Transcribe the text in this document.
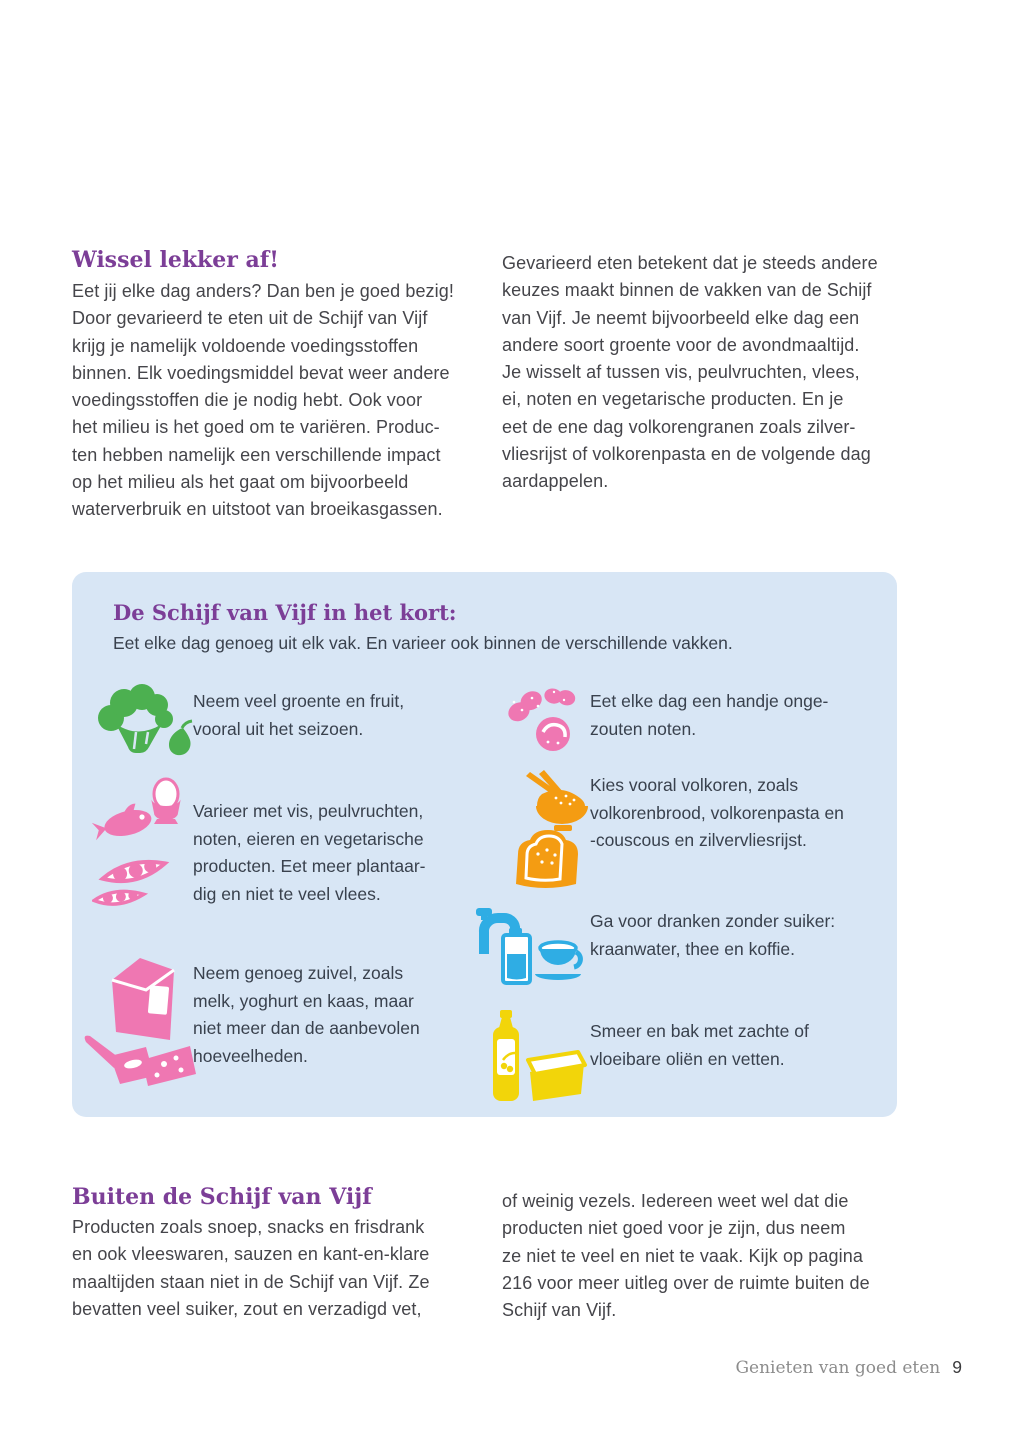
Wissel lekker af!
Eet jij elke dag anders? Dan ben je goed bezig!
Door gevarieerd te eten uit de Schijf van Vijf
krijg je namelijk voldoende voedingsstoffen
binnen. Elk voedingsmiddel bevat weer andere
voedingsstoffen die je nodig hebt. Ook voor
het milieu is het goed om te variëren. Produc-
ten hebben namelijk een verschillende impact
op het milieu als het gaat om bijvoorbeeld
waterverbruik en uitstoot van broeikasgassen.
Gevarieerd eten betekent dat je steeds andere
keuzes maakt binnen de vakken van de Schijf
van Vijf. Je neemt bijvoorbeeld elke dag een
andere soort groente voor de avondmaaltijd.
Je wisselt af tussen vis, peulvruchten, vlees,
ei, noten en vegetarische producten. En je
eet de ene dag volkorengranen zoals zilver-
vliesrijst of volkorenpasta en de volgende dag
aardappelen.
De Schijf van Vijf in het kort:
Eet elke dag genoeg uit elk vak. En varieer ook binnen de verschillende vakken.
Neem veel groente en fruit,
vooral uit het seizoen.
Varieer met vis, peulvruchten,
noten, eieren en vegetarische
producten. Eet meer plantaar-
dig en niet te veel vlees.
Neem genoeg zuivel, zoals
melk, yoghurt en kaas, maar
niet meer dan de aanbevolen
hoeveelheden.
Eet elke dag een handje onge-
zouten noten.
Kies vooral volkoren, zoals
volkorenbrood, volkorenpasta en
-couscous en zilvervliesrijst.
Ga voor dranken zonder suiker:
kraanwater, thee en koffie.
Smeer en bak met zachte of
vloeibare oliën en vetten.
Buiten de Schijf van Vijf
Producten zoals snoep, snacks en frisdrank
en ook vleeswaren, sauzen en kant-en-klare
maaltijden staan niet in de Schijf van Vijf. Ze
bevatten veel suiker, zout en verzadigd vet,
of weinig vezels. Iedereen weet wel dat die
producten niet goed voor je zijn, dus neem
ze niet te veel en niet te vaak. Kijk op pagina
216 voor meer uitleg over de ruimte buiten de
Schijf van Vijf.
Genieten van goed eten 9
